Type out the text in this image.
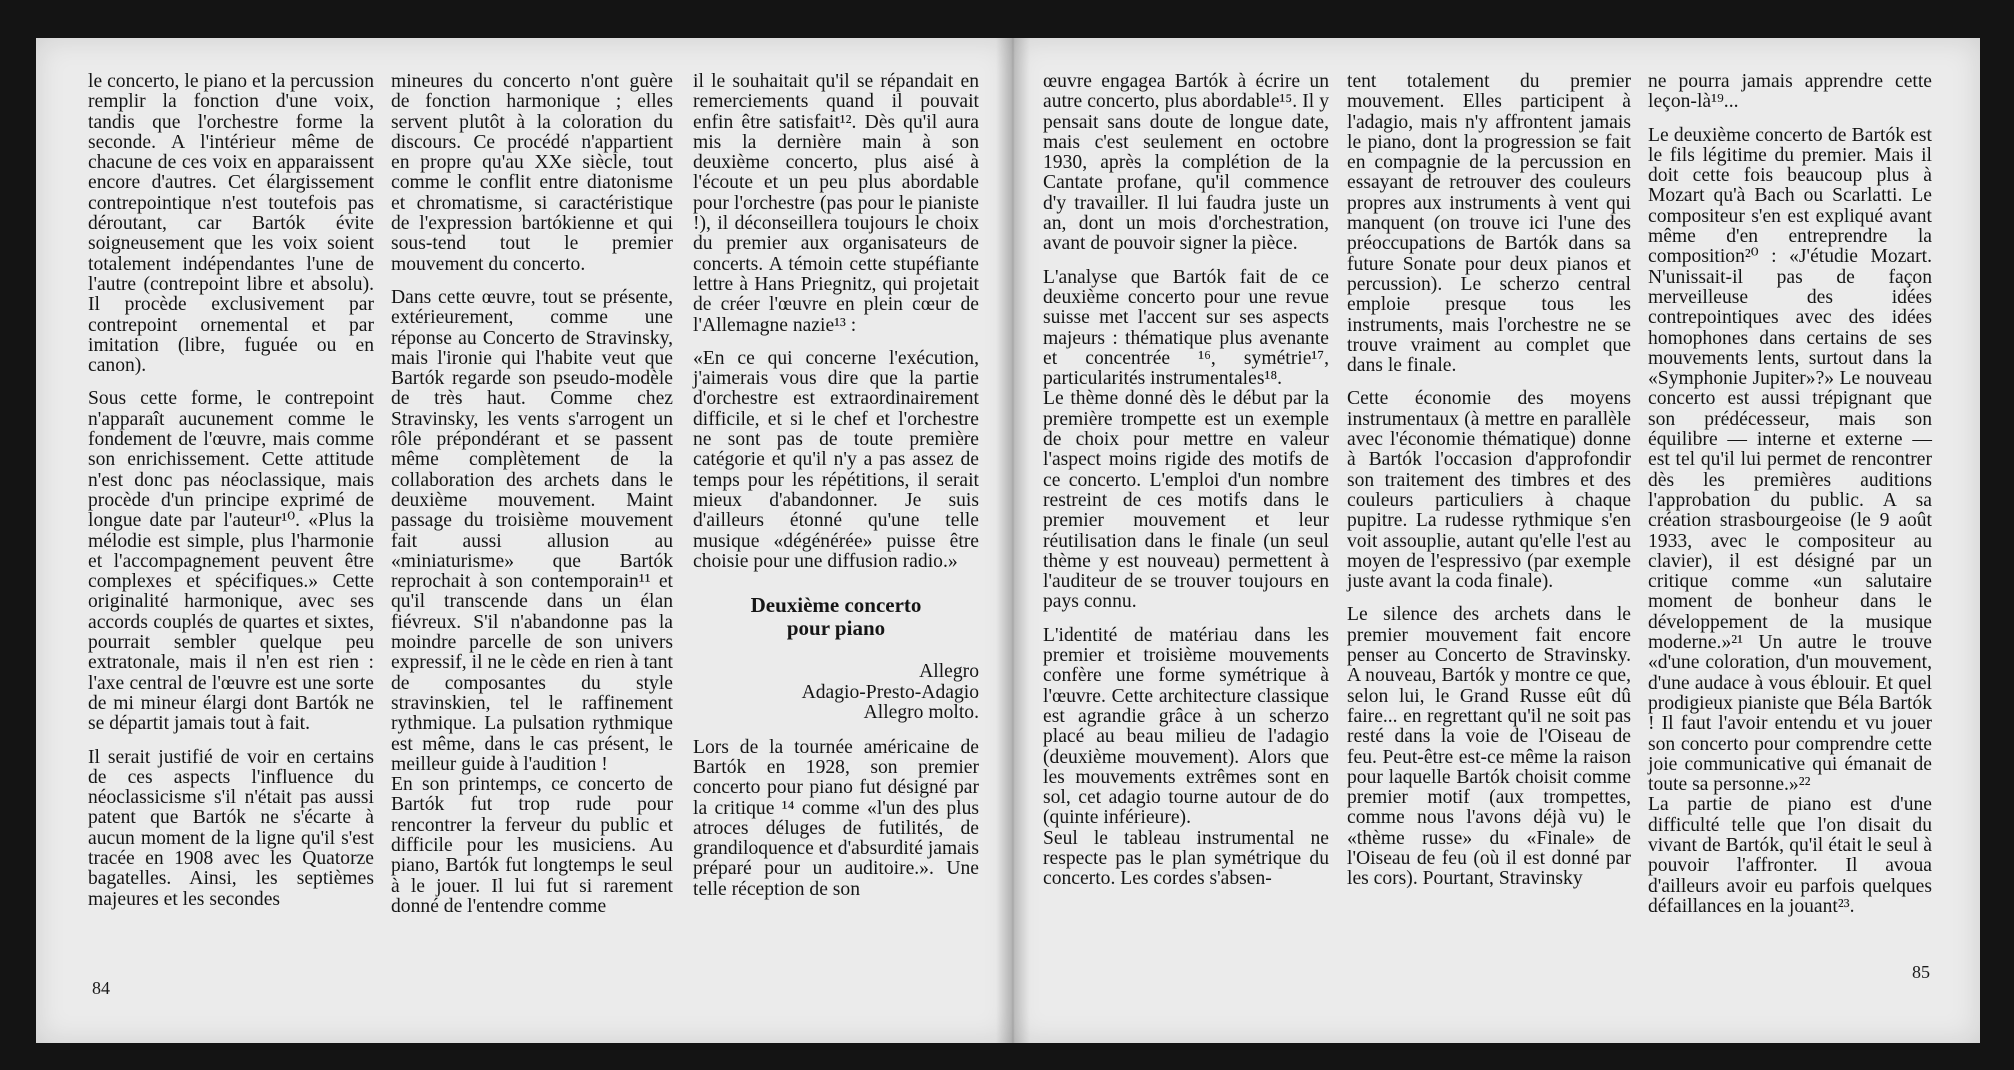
le concerto, le piano et la percussion remplir la fonction d'une voix, tandis que l'orchestre forme la seconde. A l'intérieur même de chacune de ces voix en apparaissent encore d'autres. Cet élargissement contrepointique n'est toutefois pas déroutant, car Bartók évite soigneusement que les voix soient totalement indépendantes l'une de l'autre (contrepoint libre et absolu). Il procède exclusivement par contrepoint ornemental et par imitation (libre, fuguée ou en canon).

Sous cette forme, le contrepoint n'apparaît aucunement comme le fondement de l'œuvre, mais comme son enrichissement. Cette attitude n'est donc pas néoclassique, mais procède d'un principe exprimé de longue date par l'auteur¹⁰. «Plus la mélodie est simple, plus l'harmonie et l'accompagnement peuvent être complexes et spécifiques.» Cette originalité harmonique, avec ses accords couplés de quartes et sixtes, pourrait sembler quelque peu extratonale, mais il n'en est rien : l'axe central de l'œuvre est une sorte de mi mineur élargi dont Bartók ne se départit jamais tout à fait.

Il serait justifié de voir en certains de ces aspects l'influence du néoclassicisme s'il n'était pas aussi patent que Bartók ne s'écarte à aucun moment de la ligne qu'il s'est tracée en 1908 avec les Quatorze bagatelles. Ainsi, les septièmes majeures et les secondes

mineures du concerto n'ont guère de fonction harmonique ; elles servent plutôt à la coloration du discours. Ce procédé n'appartient en propre qu'au XXe siècle, tout comme le conflit entre diatonisme et chromatisme, si caractéristique de l'expression bartókienne et qui sous-tend tout le premier mouvement du concerto.

Dans cette œuvre, tout se présente, extérieurement, comme une réponse au Concerto de Stravinsky, mais l'ironie qui l'habite veut que Bartók regarde son pseudo-modèle de très haut. Comme chez Stravinsky, les vents s'arrogent un rôle prépondérant et se passent même complètement de la collaboration des archets dans le deuxième mouvement. Maint passage du troisième mouvement fait aussi allusion au «miniaturisme» que Bartók reprochait à son contemporain¹¹ et qu'il transcende dans un élan fiévreux. S'il n'abandonne pas la moindre parcelle de son univers expressif, il ne le cède en rien à tant de composantes du style stravinskien, tel le raffinement rythmique. La pulsation rythmique est même, dans le cas présent, le meilleur guide à l'audition !

En son printemps, ce concerto de Bartók fut trop rude pour rencontrer la ferveur du public et difficile pour les musiciens. Au piano, Bartók fut longtemps le seul à le jouer. Il lui fut si rarement donné de l'entendre comme

il le souhaitait qu'il se répandait en remerciements quand il pouvait enfin être satisfait¹². Dès qu'il aura mis la dernière main à son deuxième concerto, plus aisé à l'écoute et un peu plus abordable pour l'orchestre (pas pour le pianiste !), il déconseillera toujours le choix du premier aux organisateurs de concerts. A témoin cette stupéfiante lettre à Hans Priegnitz, qui projetait de créer l'œuvre en plein cœur de l'Allemagne nazie¹³ :

«En ce qui concerne l'exécution, j'aimerais vous dire que la partie d'orchestre est extraordinairement difficile, et si le chef et l'orchestre ne sont pas de toute première catégorie et qu'il n'y a pas assez de temps pour les répétitions, il serait mieux d'abandonner. Je suis d'ailleurs étonné qu'une telle musique «dégénérée» puisse être choisie pour une diffusion radio.»

Deuxième concerto
pour piano
Allegro
Adagio-Presto-Adagio
Allegro molto.

Lors de la tournée américaine de Bartók en 1928, son premier concerto pour piano fut désigné par la critique ¹⁴ comme «l'un des plus atroces déluges de futilités, de grandiloquence et d'absurdité jamais préparé pour un auditoire.». Une telle réception de son

84

œuvre engagea Bartók à écrire un autre concerto, plus abordable¹⁵. Il y pensait sans doute de longue date, mais c'est seulement en octobre 1930, après la complétion de la Cantate profane, qu'il commence d'y travailler. Il lui faudra juste un an, dont un mois d'orchestration, avant de pouvoir signer la pièce.

L'analyse que Bartók fait de ce deuxième concerto pour une revue suisse met l'accent sur ses aspects majeurs : thématique plus avenante et concentrée ¹⁶, symétrie¹⁷, particularités instrumentales¹⁸.

Le thème donné dès le début par la première trompette est un exemple de choix pour mettre en valeur l'aspect moins rigide des motifs de ce concerto. L'emploi d'un nombre restreint de ces motifs dans le premier mouvement et leur réutilisation dans le finale (un seul thème y est nouveau) permettent à l'auditeur de se trouver toujours en pays connu.

L'identité de matériau dans les premier et troisième mouvements confère une forme symétrique à l'œuvre. Cette architecture classique est agrandie grâce à un scherzo placé au beau milieu de l'adagio (deuxième mouvement). Alors que les mouvements extrêmes sont en sol, cet adagio tourne autour de do (quinte inférieure).

Seul le tableau instrumental ne respecte pas le plan symétrique du concerto. Les cordes s'absen-

tent totalement du premier mouvement. Elles participent à l'adagio, mais n'y affrontent jamais le piano, dont la progression se fait en compagnie de la percussion en essayant de retrouver des couleurs propres aux instruments à vent qui manquent (on trouve ici l'une des préoccupations de Bartók dans sa future Sonate pour deux pianos et percussion). Le scherzo central emploie presque tous les instruments, mais l'orchestre ne se trouve vraiment au complet que dans le finale.

Cette économie des moyens instrumentaux (à mettre en parallèle avec l'économie thématique) donne à Bartók l'occasion d'approfondir son traitement des timbres et des couleurs particuliers à chaque pupitre. La rudesse rythmique s'en voit assouplie, autant qu'elle l'est au moyen de l'espressivo (par exemple juste avant la coda finale).

Le silence des archets dans le premier mouvement fait encore penser au Concerto de Stravinsky. A nouveau, Bartók y montre ce que, selon lui, le Grand Russe eût dû faire... en regrettant qu'il ne soit pas resté dans la voie de l'Oiseau de feu. Peut-être est-ce même la raison pour laquelle Bartók choisit comme premier motif (aux trompettes, comme nous l'avons déjà vu) le «thème russe» du «Finale» de l'Oiseau de feu (où il est donné par les cors). Pourtant, Stravinsky

ne pourra jamais apprendre cette leçon-là¹⁹...

Le deuxième concerto de Bartók est le fils légitime du premier. Mais il doit cette fois beaucoup plus à Mozart qu'à Bach ou Scarlatti. Le compositeur s'en est expliqué avant même d'en entreprendre la composition²⁰ : «J'étudie Mozart. N'unissait-il pas de façon merveilleuse des idées contrepointiques avec des idées homophones dans certains de ses mouvements lents, surtout dans la «Symphonie Jupiter»?» Le nouveau concerto est aussi trépignant que son prédécesseur, mais son équilibre — interne et externe — est tel qu'il lui permet de rencontrer dès les premières auditions l'approbation du public. A sa création strasbourgeoise (le 9 août 1933, avec le compositeur au clavier), il est désigné par un critique comme «un salutaire moment de bonheur dans le développement de la musique moderne.»²¹ Un autre le trouve «d'une coloration, d'un mouvement, d'une audace à vous éblouir. Et quel prodigieux pianiste que Béla Bartók ! Il faut l'avoir entendu et vu jouer son concerto pour comprendre cette joie communicative qui émanait de toute sa personne.»²²

La partie de piano est d'une difficulté telle que l'on disait du vivant de Bartók, qu'il était le seul à pouvoir l'affronter. Il avoua d'ailleurs avoir eu parfois quelques défaillances en la jouant²³.

85
